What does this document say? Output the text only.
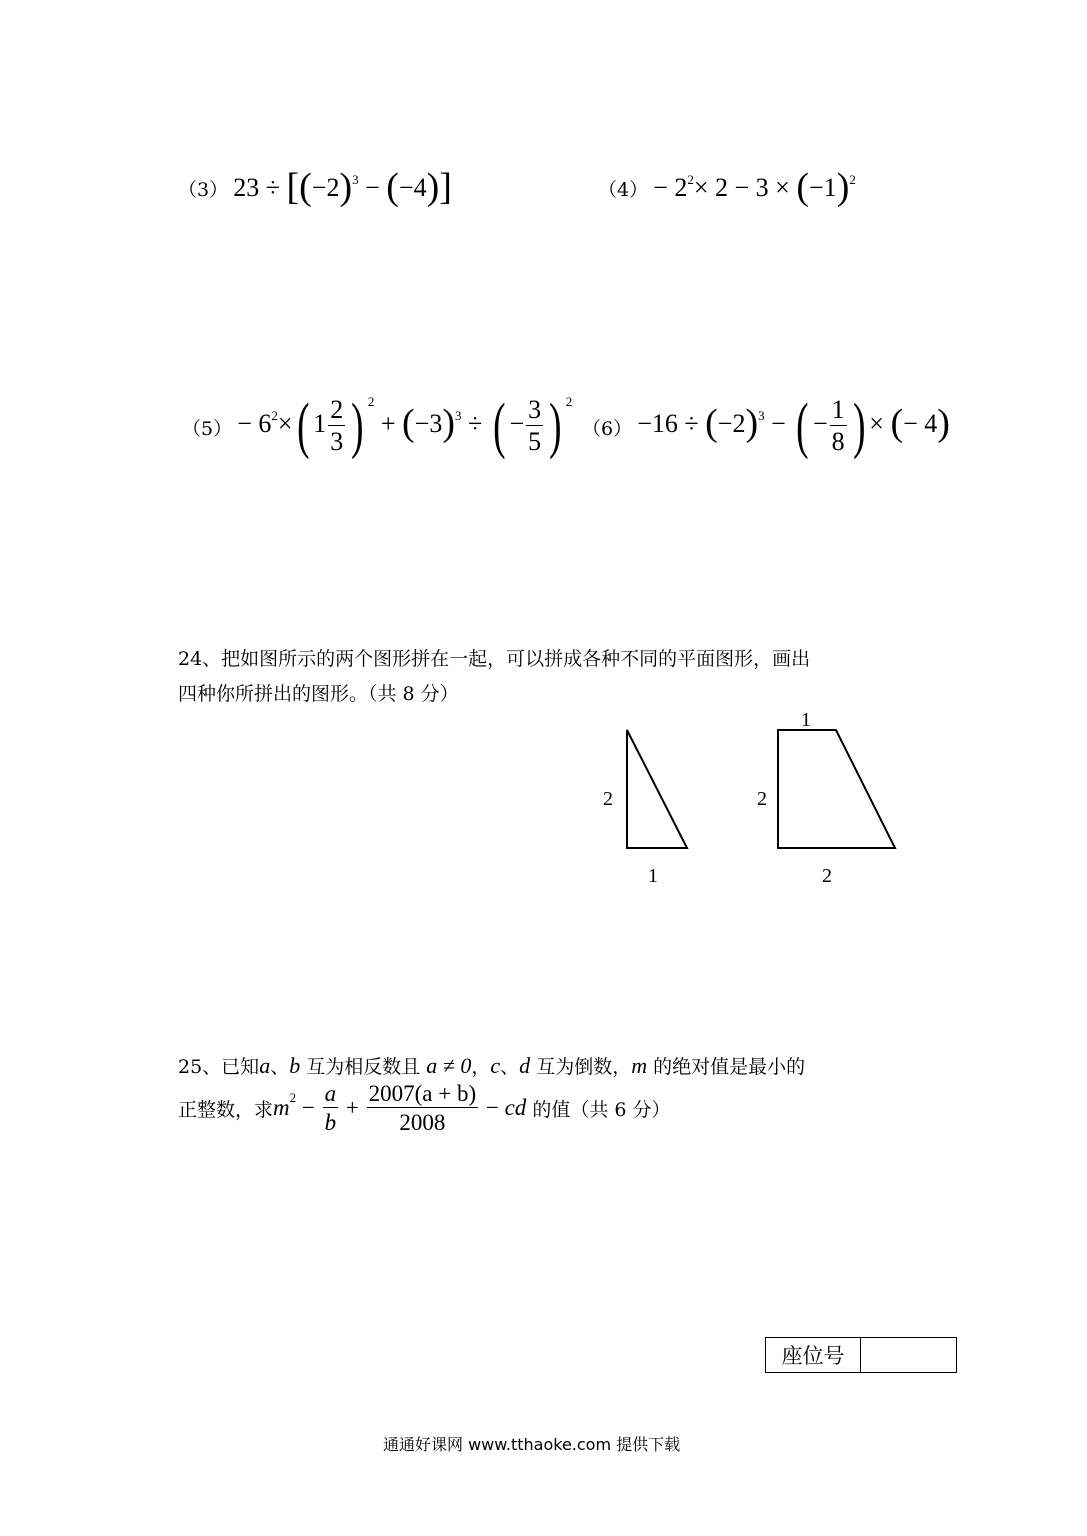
（3） $23 \div [(-2)^3 - (-4)]$	$(4) - 2^2\times 2 - 3 \times (-1)^2$
$(5) - 6^2\times$( $1 \frac{2}{3}$ ) $^2 + (-3)^3$ ÷ ( − $\frac{3}{5}$ ) $^2$
$(6) -16 \div (-2)^3$ − ( − $\frac{1}{8}$ ) × (− 4)
24、把如图所示的两个图形拼在一起，可以拼成各种不同的平面图形，画出
四种你所拼出的图形。（共 8 分）
2
1
1
2
2
25、已知a、b 互为相反数且 a ≠ 0，c、d 互为倒数，m 的绝对值是最小的
正整数，求 $m^2 - \frac{a}{b} + \frac{2007(a + b)}{2008}$ − cd 的值（共 6 分）
座位号
通通好课网 www.tthaoke.com 提供下载
